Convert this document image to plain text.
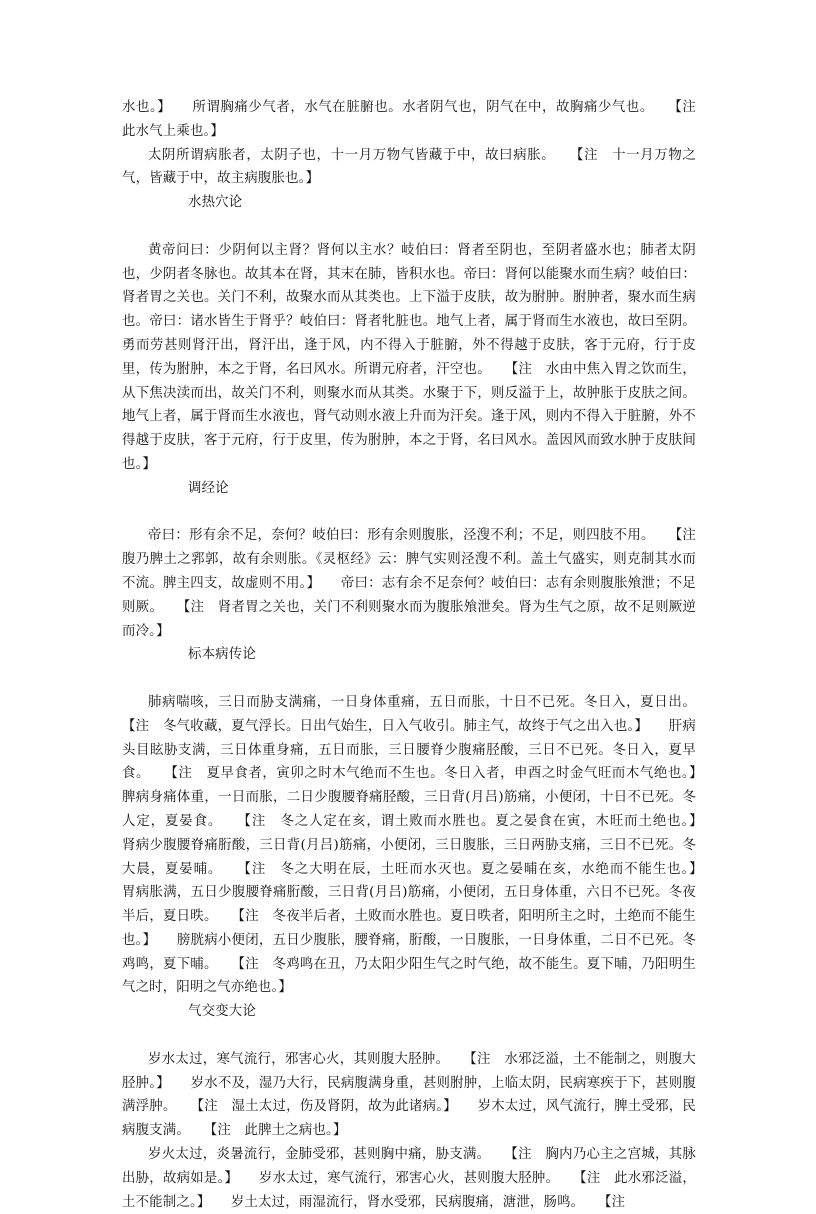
水也。】　　所谓胸痛少气者，水气在脏腑也。水者阴气也，阴气在中，故胸痛少气也。　　【注　此水气上乘也。】

太阴所谓病胀者，太阴子也，十一月万物气皆藏于中，故曰病胀。　　【注　十一月万物之气，皆藏于中，故主病腹胀也。】

水热穴论

黄帝问曰：少阴何以主肾？肾何以主水？岐伯曰：肾者至阴也，至阴者盛水也；肺者太阴也，少阴者冬脉也。故其本在肾，其末在肺，皆积水也。帝曰：肾何以能聚水而生病？岐伯曰：肾者胃之关也。关门不利，故聚水而从其类也。上下溢于皮肤，故为胕肿。胕肿者，聚水而生病也。帝曰：诸水皆生于肾乎？岐伯曰：肾者牝脏也。地气上者，属于肾而生水液也，故曰至阴。勇而劳甚则肾汗出，肾汗出，逢于风，内不得入于脏腑，外不得越于皮肤，客于元府，行于皮里，传为胕肿，本之于肾，名曰风水。所谓元府者，汗空也。　　【注　水由中焦入胃之饮而生，从下焦决渎而出，故关门不利，则聚水而从其类。水聚于下，则反溢于上，故肿胀于皮肤之间。地气上者，属于肾而生水液也，肾气动则水液上升而为汗矣。逢于风，则内不得入于脏腑，外不得越于皮肤，客于元府，行于皮里，传为胕肿，本之于肾，名曰风水。盖因风而致水肿于皮肤间也。】

调经论

帝曰：形有余不足，奈何？岐伯曰：形有余则腹胀，泾溲不利；不足，则四肢不用。　　【注　腹乃脾土之郛郭，故有余则胀。《灵枢经》云：脾气实则泾溲不利。盖土气盛实，则克制其水而不流。脾主四支，故虚则不用。】　　帝曰：志有余不足奈何？岐伯曰：志有余则腹胀飧泄；不足则厥。　　【注　肾者胃之关也，关门不利则聚水而为腹胀飧泄矣。肾为生气之原，故不足则厥逆而冷。】

标本病传论

肺病喘咳，三日而胁支满痛，一日身体重痛，五日而胀，十日不已死。冬日入，夏日出。【注　冬气收藏，夏气浮长。日出气始生，日入气收引。肺主气，故终于气之出入也。】　　肝病头目眩胁支满，三日体重身痛，五日而胀，三日腰脊少腹痛胫酸，三日不已死。冬日入，夏早食。　　【注　夏早食者，寅卯之时木气绝而不生也。冬日入者，申酉之时金气旺而木气绝也。】　　脾病身痛体重，一日而胀，二日少腹腰脊痛胫酸，三日背(月吕)筋痛，小便闭，十日不已死。冬人定，夏晏食。　　【注　冬之人定在亥，谓土败而水胜也。夏之晏食在寅，木旺而土绝也。】　　肾病少腹腰脊痛胻酸，三日背(月吕)筋痛，小便闭，三日腹胀，三日两胁支痛，三日不已死。冬大晨，夏晏晡。　　【注　冬之大明在辰，土旺而水灭也。夏之晏晡在亥，水绝而不能生也。】　　胃病胀满，五日少腹腰脊痛胻酸，三日背(月吕)筋痛，小便闭，五日身体重，六日不已死。冬夜半后，夏日昳。　　【注　冬夜半后者，土败而水胜也。夏日昳者，阳明所主之时，土绝而不能生也。】　　膀胱病小便闭，五日少腹胀，腰脊痛，胻酸，一日腹胀，一日身体重，二日不已死。冬鸡鸣，夏下晡。　　【注　冬鸡鸣在丑，乃太阳少阳生气之时气绝，故不能生。夏下晡，乃阳明生气之时，阳明之气亦绝也。】

气交变大论

岁水太过，寒气流行，邪害心火，其则腹大胫肿。　　【注　水邪泛溢，土不能制之，则腹大胫肿。】　　岁水不及，湿乃大行，民病腹满身重，甚则胕肿，上临太阴，民病寒疾于下，甚则腹满浮肿。　　【注　湿土太过，伤及肾阴，故为此诸病。】　　岁木太过，风气流行，脾土受邪，民病腹支满。　　【注　此脾土之病也。】

岁火太过，炎暑流行，金肺受邪，甚则胸中痛，胁支满。　　【注　胸内乃心主之宫城，其脉出胁，故病如是。】　　岁水太过，寒气流行，邪害心火，甚则腹大胫肿。　　【注　此水邪泛溢，土不能制之。】　　岁土太过，雨湿流行，肾水受邪，民病腹痛，溏泄，肠鸣。　　【注
